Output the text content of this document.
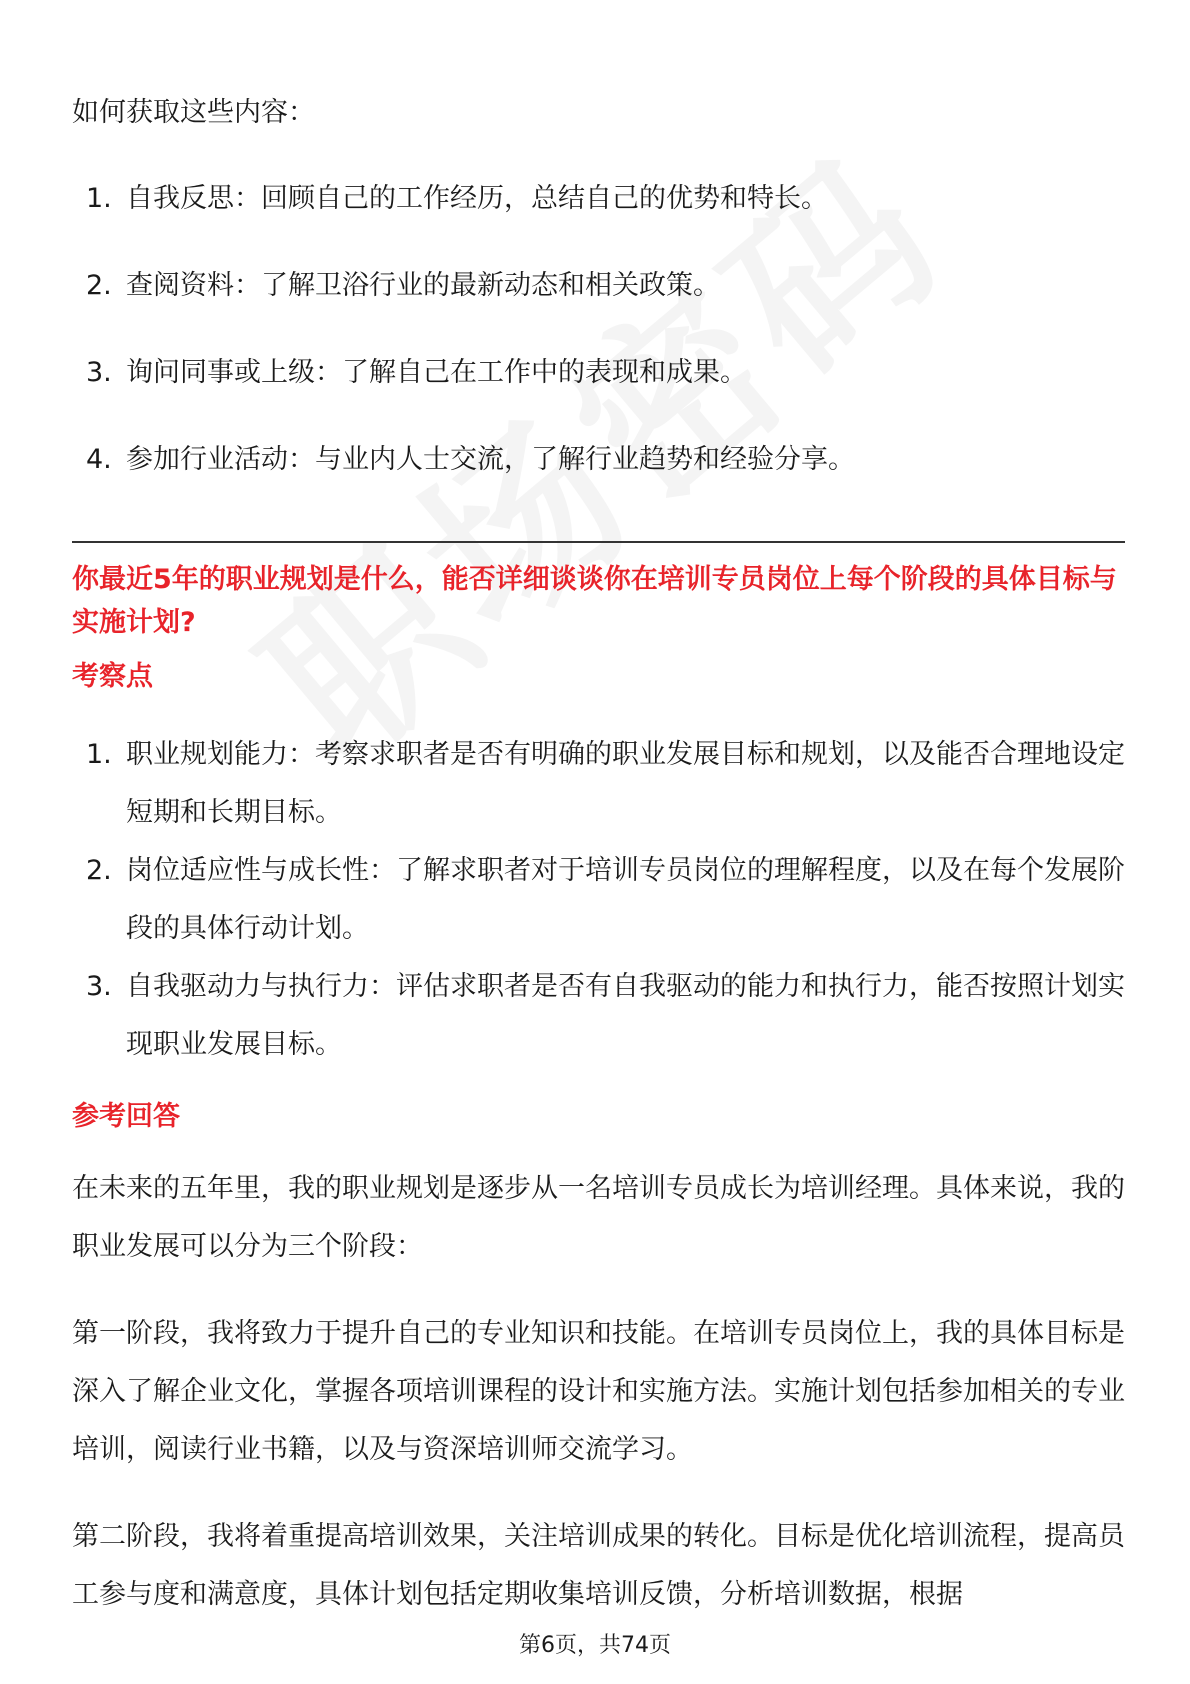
如何获取这些内容：
1. 自我反思：回顾自己的工作经历，总结自己的优势和特长。
2. 查阅资料：了解卫浴行业的最新动态和相关政策。
3. 询问同事或上级：了解自己在工作中的表现和成果。
4. 参加行业活动：与业内人士交流，了解行业趋势和经验分享。
你最近5年的职业规划是什么，能否详细谈谈你在培训专员岗位上每个阶段的具体目标与实施计划?
考察点
1. 职业规划能力：考察求职者是否有明确的职业发展目标和规划，以及能否合理地设定短期和长期目标。
2. 岗位适应性与成长性：了解求职者对于培训专员岗位的理解程度，以及在每个发展阶段的具体行动计划。
3. 自我驱动力与执行力：评估求职者是否有自我驱动的能力和执行力，能否按照计划实现职业发展目标。
参考回答
在未来的五年里，我的职业规划是逐步从一名培训专员成长为培训经理。具体来说，我的职业发展可以分为三个阶段：
第一阶段，我将致力于提升自己的专业知识和技能。在培训专员岗位上，我的具体目标是深入了解企业文化，掌握各项培训课程的设计和实施方法。实施计划包括参加相关的专业培训，阅读行业书籍，以及与资深培训师交流学习。
第二阶段，我将着重提高培训效果，关注培训成果的转化。目标是优化培训流程，提高员工参与度和满意度，具体计划包括定期收集培训反馈，分析培训数据，根据
第6页，共74页
